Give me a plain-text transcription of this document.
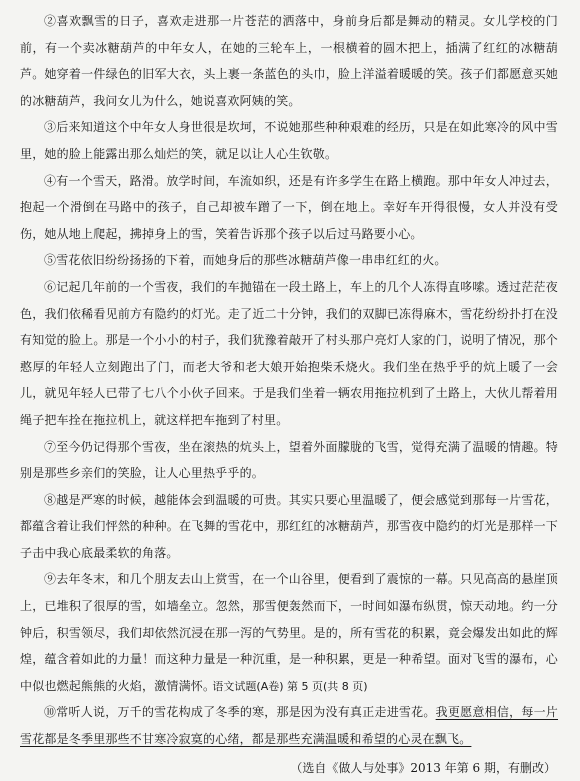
②喜欢飘雪的日子，喜欢走进那一片苍茫的洒落中，身前身后都是舞动的精灵。女儿学校的门前，有一个卖冰糖葫芦的中年女人，在她的三轮车上，一根横着的圆木把上，插满了红红的冰糖葫芦。她穿着一件绿色的旧军大衣，头上裹一条蓝色的头巾，脸上洋溢着暖暖的笑。孩子们都愿意买她的冰糖葫芦，我问女儿为什么，她说喜欢阿姨的笑。

③后来知道这个中年女人身世很是坎坷，不说她那些种种艰难的经历，只是在如此寒冷的风中雪里，她的脸上能露出那么灿烂的笑，就足以让人心生钦敬。

④有一个雪天，路滑。放学时间，车流如织，还是有许多学生在路上横跑。那中年女人冲过去，抱起一个滑倒在马路中的孩子，自己却被车蹭了一下，倒在地上。幸好车开得很慢，女人并没有受伤，她从地上爬起，拂掉身上的雪，笑着告诉那个孩子以后过马路要小心。

⑤雪花依旧纷纷扬扬的下着，而她身后的那些冰糖葫芦像一串串红红的火。

⑥记起几年前的一个雪夜，我们的车抛锚在一段土路上，车上的几个人冻得直哆嗦。透过茫茫夜色，我们依稀看见前方有隐约的灯光。走了近二十分钟，我们的双脚已冻得麻木，雪花纷纷扑打在没有知觉的脸上。那是一个小小的村子，我们犹豫着敲开了村头那户亮灯人家的门，说明了情况，那个憨厚的年轻人立刻跑出了门，而老大爷和老大娘开始抱柴禾烧火。我们坐在热乎乎的炕上暖了一会儿，就见年轻人已带了七八个小伙子回来。于是我们坐着一辆农用拖拉机到了土路上，大伙儿帮着用绳子把车拴在拖拉机上，就这样把车拖到了村里。

⑦至今仍记得那个雪夜，坐在滚热的炕头上，望着外面朦胧的飞雪，觉得充满了温暖的情趣。特别是那些乡亲们的笑脸，让人心里热乎乎的。

⑧越是严寒的时候，越能体会到温暖的可贵。其实只要心里温暖了，便会感觉到那每一片雪花，都蕴含着让我们怦然的种种。在飞舞的雪花中，那红红的冰糖葫芦，那雪夜中隐约的灯光是那样一下子击中我心底最柔软的角落。

⑨去年冬末，和几个朋友去山上赏雪，在一个山谷里，便看到了震惊的一幕。只见高高的悬崖顶上，已堆积了很厚的雪，如墙垒立。忽然，那雪便轰然而下，一时间如瀑布纵贯，惊天动地。约一分钟后，积雪领尽，我们却依然沉浸在那一泻的气势里。是的，所有雪花的积累，竟会爆发出如此的辉煌，蕴含着如此的力量！而这种力量是一种沉重，是一种积累，更是一种希望。面对飞雪的瀑布，心中似也燃起熊熊的火焰，激情满怀。

⑩常听人说，万千的雪花构成了冬季的寒，那是因为没有真正走进雪花。我更愿意相信，每一片雪花都是冬季里那些不甘寒冷寂寞的心绪，都是那些充满温暖和希望的心灵在飘飞。

（选自《做人与处事》2013 年第 6 期，有删改）
语文试题(A卷) 第 5 页(共 8 页)
